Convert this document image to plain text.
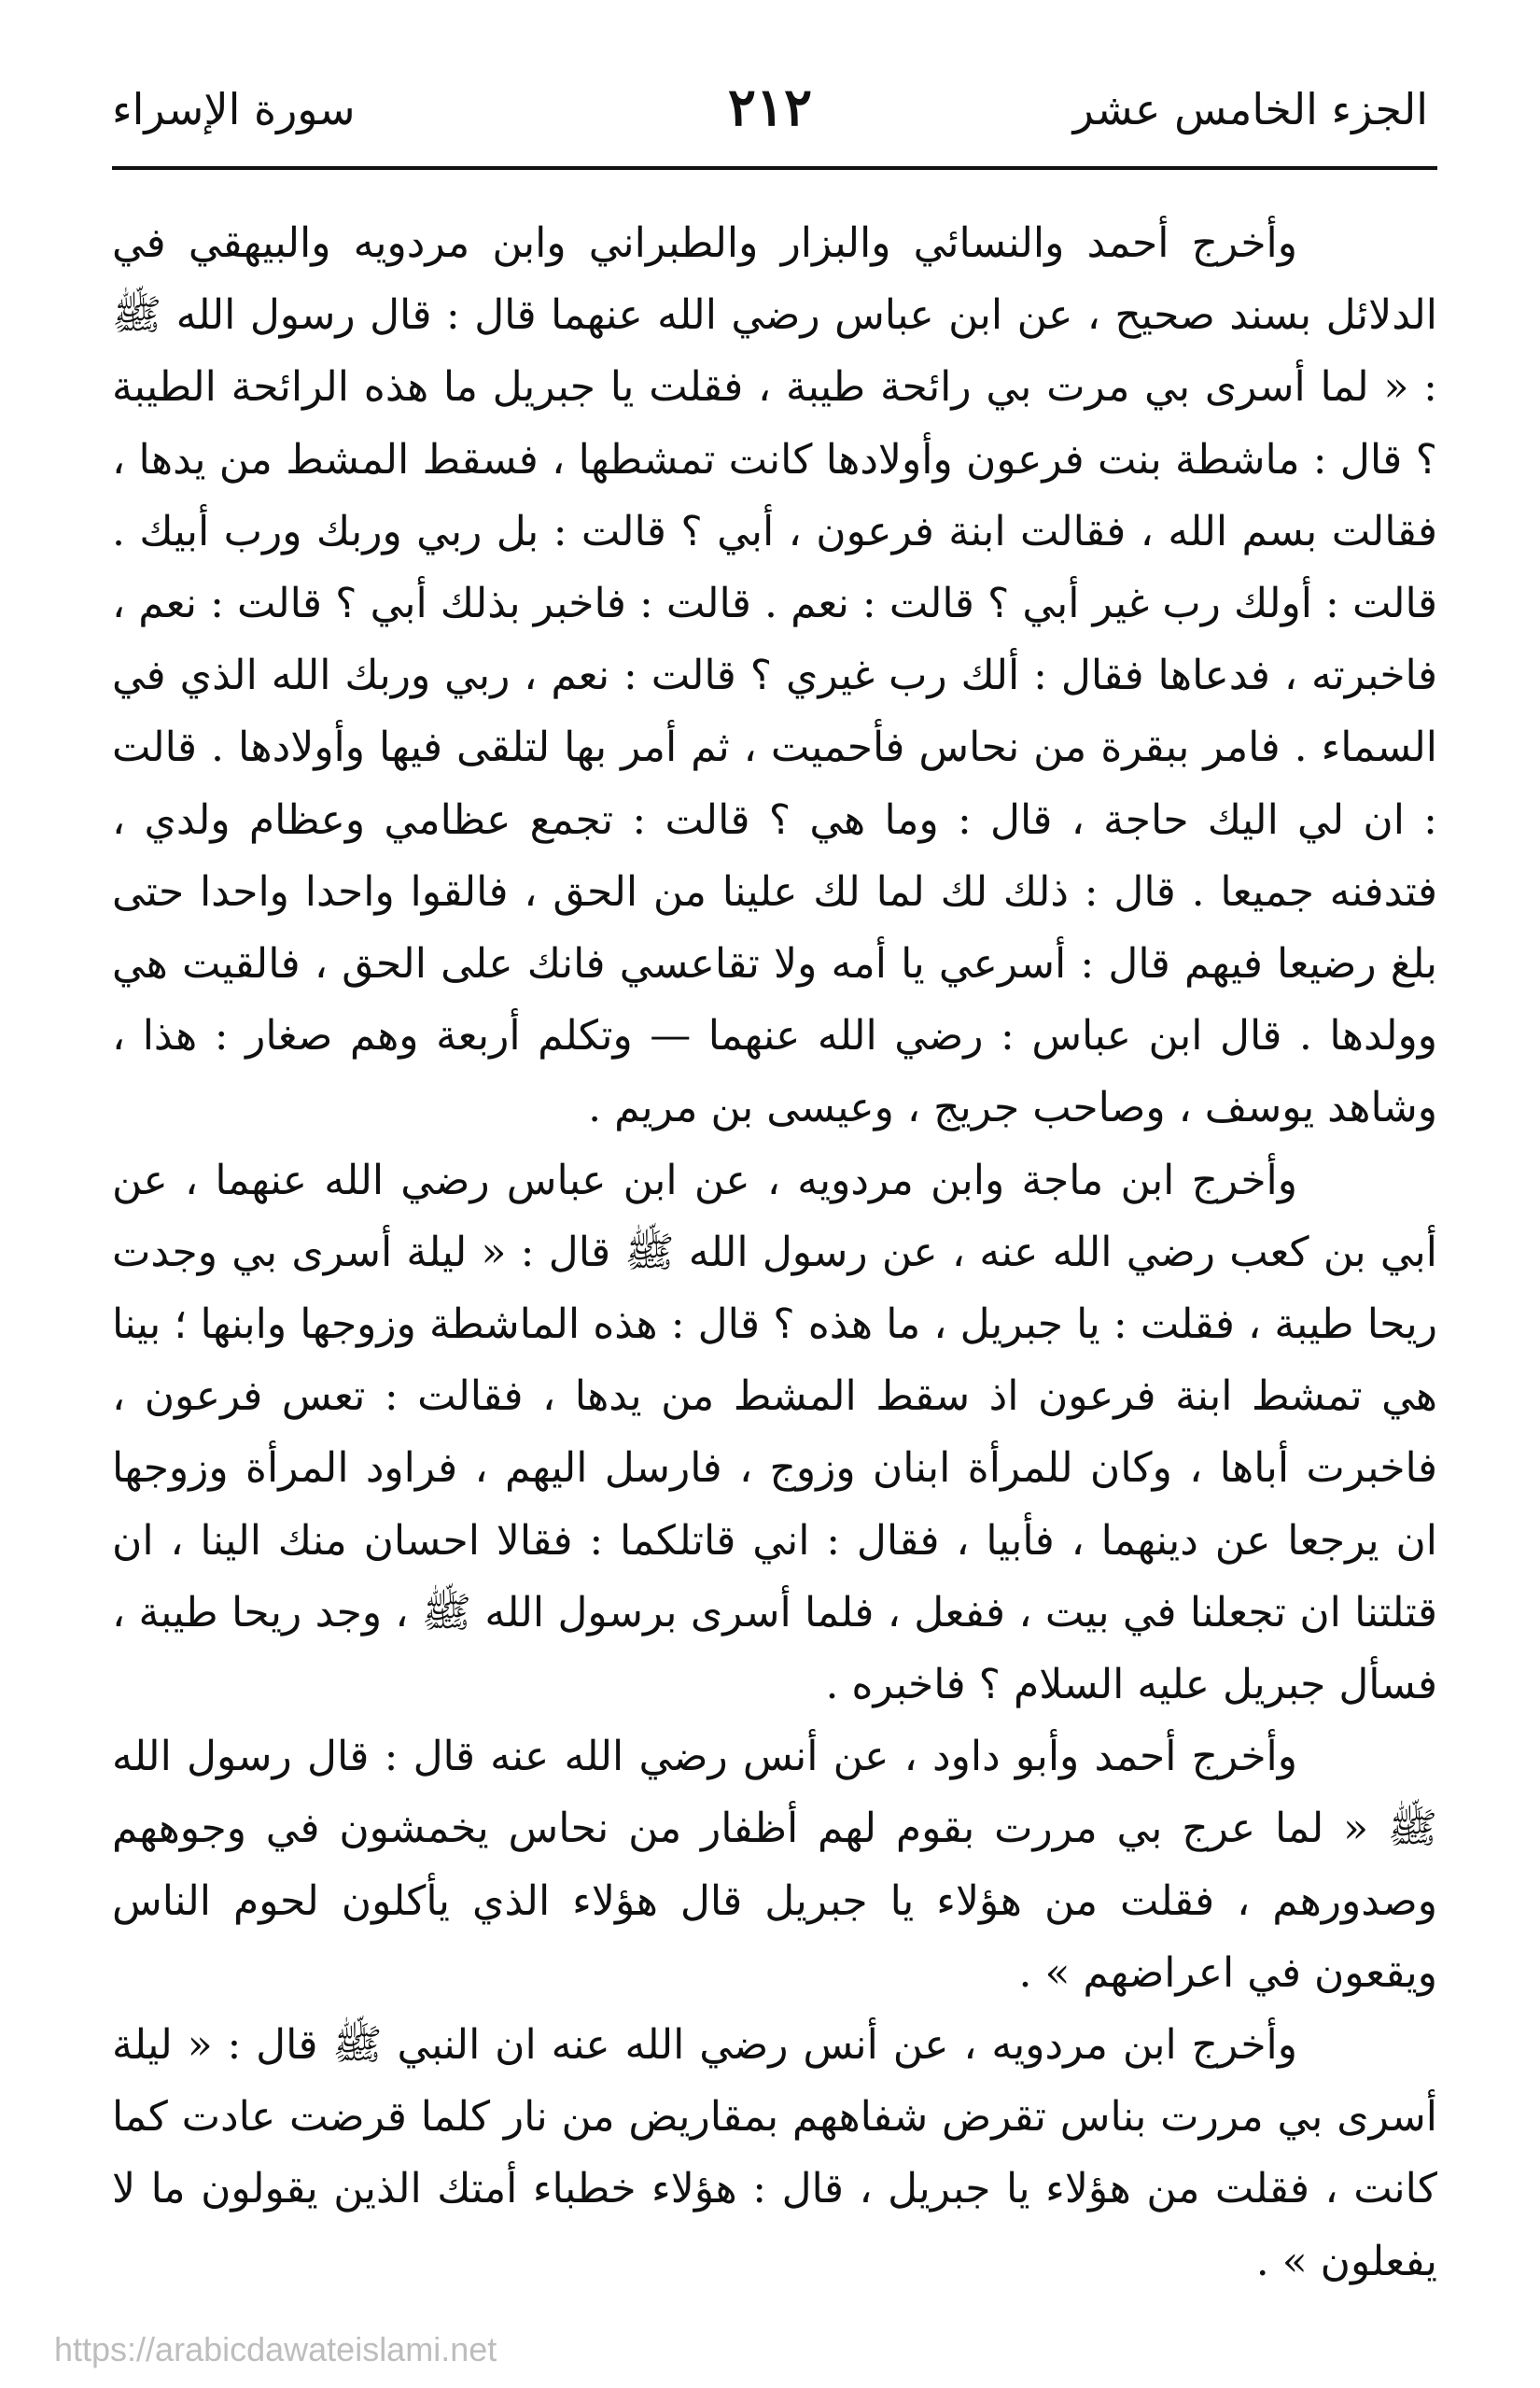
الجزء الخامس عشر
٢١٢
سورة الإسراء

وأخرج أحمد والنسائي والبزار والطبراني وابن مردويه والبيهقي في الدلائل بسند صحيح ، عن ابن عباس رضي الله عنهما قال : قال رسول الله ﷺ : « لما أسرى بي مرت بي رائحة طيبة ، فقلت يا جبريل ما هذه الرائحة الطيبة ؟ قال : ماشطة بنت فرعون وأولادها كانت تمشطها ، فسقط المشط من يدها ، فقالت بسم الله ، فقالت ابنة فرعون ، أبي ؟ قالت : بل ربي وربك ورب أبيك . قالت : أولك رب غير أبي ؟ قالت : نعم . قالت : فاخبر بذلك أبي ؟ قالت : نعم ، فاخبرته ، فدعاها فقال : ألك رب غيري ؟ قالت : نعم ، ربي وربك الله الذي في السماء . فامر ببقرة من نحاس فأحميت ، ثم أمر بها لتلقى فيها وأولادها . قالت : ان لي اليك حاجة ، قال : وما هي ؟ قالت : تجمع عظامي وعظام ولدي ، فتدفنه جميعا . قال : ذلك لك لما لك علينا من الحق ، فالقوا واحدا واحدا حتى بلغ رضيعا فيهم قال : أسرعي يا أمه ولا تقاعسي فانك على الحق ، فالقيت هي وولدها . قال ابن عباس : رضي الله عنهما — وتكلم أربعة وهم صغار : هذا ، وشاهد يوسف ، وصاحب جريج ، وعيسى بن مريم .

وأخرج ابن ماجة وابن مردويه ، عن ابن عباس رضي الله عنهما ، عن أبي بن كعب رضي الله عنه ، عن رسول الله ﷺ قال : « ليلة أسرى بي وجدت ريحا طيبة ، فقلت : يا جبريل ، ما هذه ؟ قال : هذه الماشطة وزوجها وابنها ؛ بينا هي تمشط ابنة فرعون اذ سقط المشط من يدها ، فقالت : تعس فرعون ، فاخبرت أباها ، وكان للمرأة ابنان وزوج ، فارسل اليهم ، فراود المرأة وزوجها ان يرجعا عن دينهما ، فأبيا ، فقال : اني قاتلكما : فقالا احسان منك الينا ، ان قتلتنا ان تجعلنا في بيت ، ففعل ، فلما أسرى برسول الله ﷺ ، وجد ريحا طيبة ، فسأل جبريل عليه السلام ؟ فاخبره .

وأخرج أحمد وأبو داود ، عن أنس رضي الله عنه قال : قال رسول الله ﷺ « لما عرج بي مررت بقوم لهم أظفار من نحاس يخمشون في وجوههم وصدورهم ، فقلت من هؤلاء يا جبريل قال هؤلاء الذي يأكلون لحوم الناس ويقعون في اعراضهم » .

وأخرج ابن مردويه ، عن أنس رضي الله عنه ان النبي ﷺ قال : « ليلة أسرى بي مررت بناس تقرض شفاههم بمقاريض من نار كلما قرضت عادت كما كانت ، فقلت من هؤلاء يا جبريل ، قال : هؤلاء خطباء أمتك الذين يقولون ما لا يفعلون » .

https://arabicdawateislami.net
